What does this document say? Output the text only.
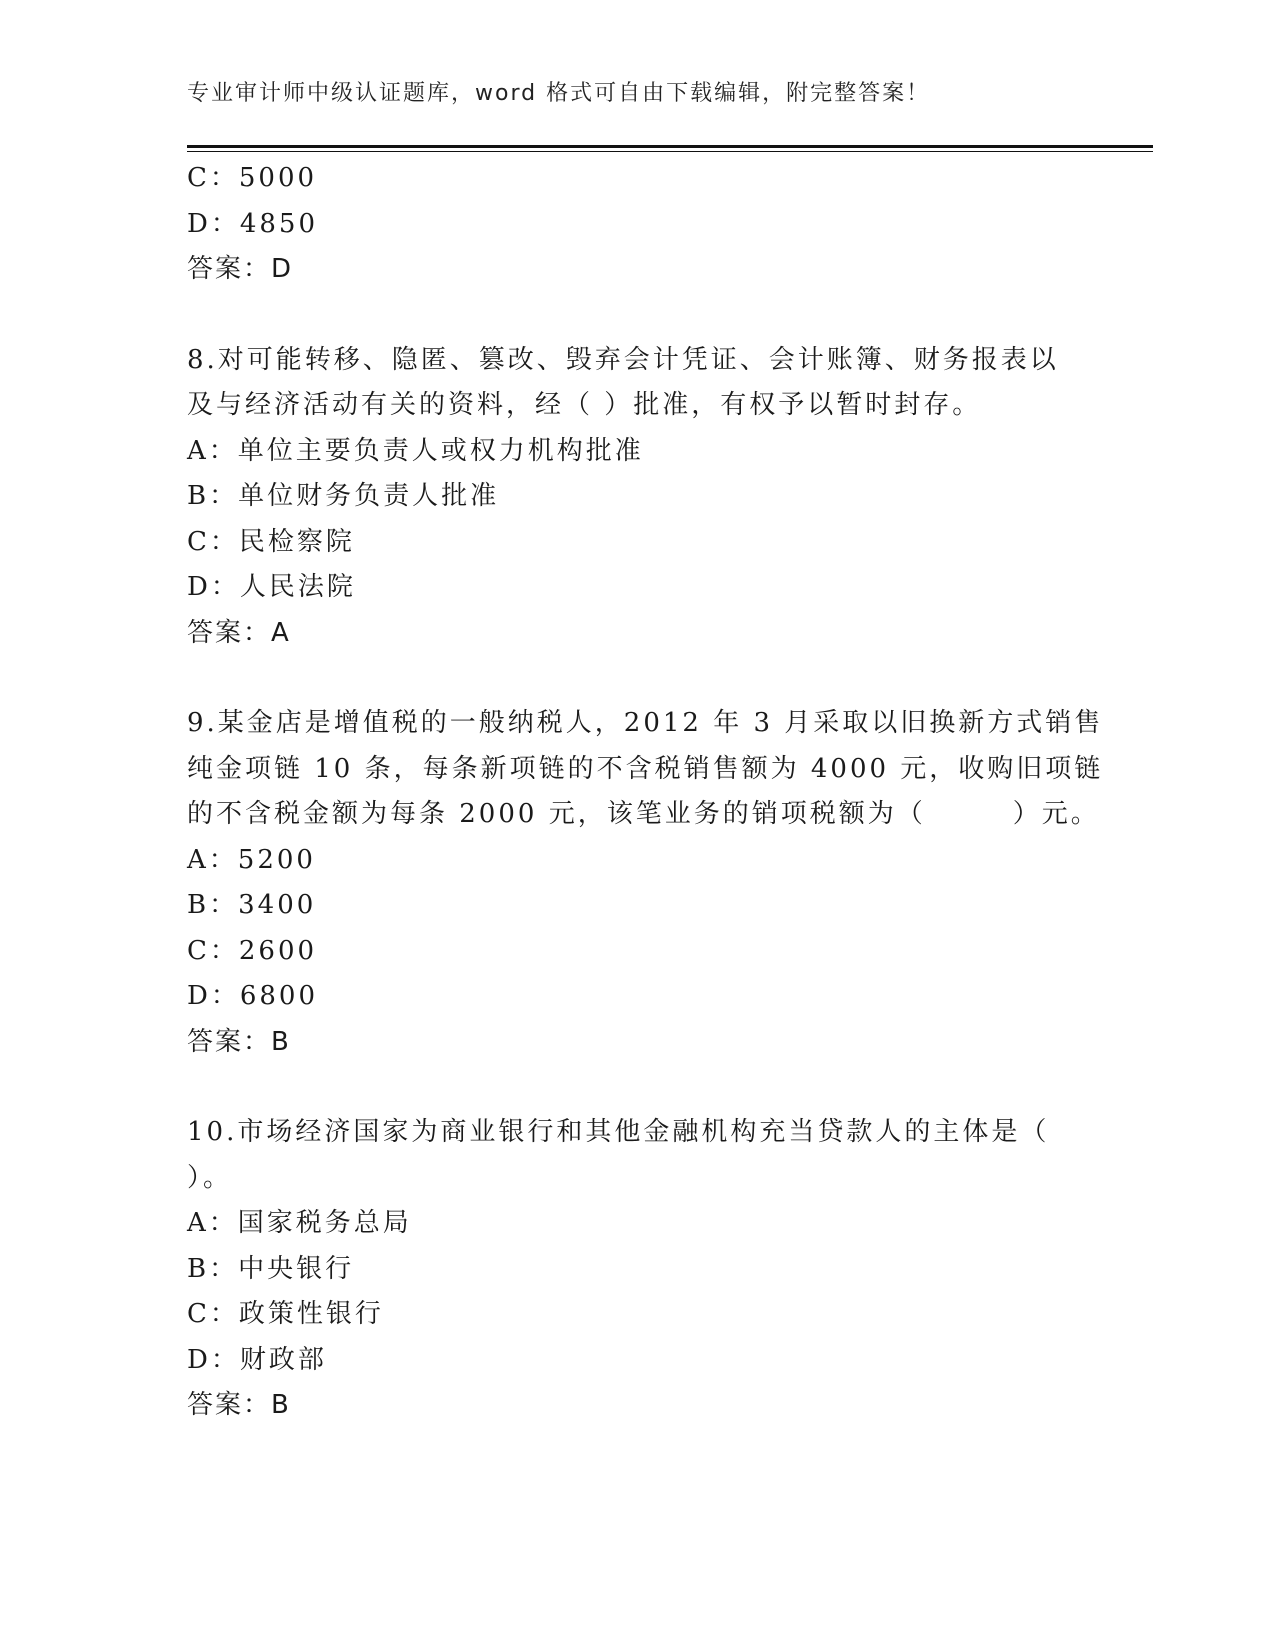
专业审计师中级认证题库，word 格式可自由下载编辑，附完整答案！
C：5000
D：4850
答案：D
8.对可能转移、隐匿、篡改、毁弃会计凭证、会计账簿、财务报表以
及与经济活动有关的资料，经（ ）批准，有权予以暂时封存。
A：单位主要负责人或权力机构批准
B：单位财务负责人批准
C：民检察院
D：人民法院
答案：A
9.某金店是增值税的一般纳税人，2012 年 3 月采取以旧换新方式销售
纯金项链 10 条，每条新项链的不含税销售额为 4000 元，收购旧项链
的不含税金额为每条 2000 元，该笔业务的销项税额为（　　　）元。
A：5200
B：3400
C：2600
D：6800
答案：B
10.市场经济国家为商业银行和其他金融机构充当贷款人的主体是（
）。
A：国家税务总局
B：中央银行
C：政策性银行
D：财政部
答案：B
